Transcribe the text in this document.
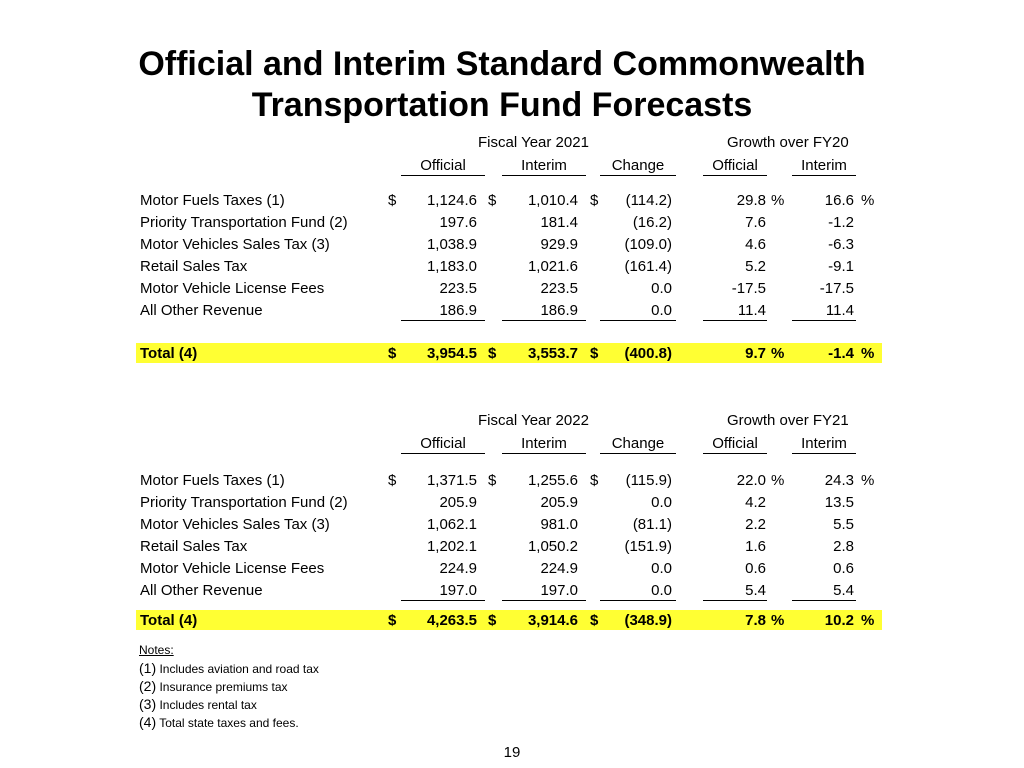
Official and Interim Standard Commonwealth
Transportation Fund Forecasts
Fiscal Year 2021	Growth over FY20
Official	Interim	Change	Official	Interim
Motor Fuels Taxes (1)	$	1,124.6 $	1,010.4 $	(114.2)	29.8 %	16.6 %
Priority Transportation Fund (2)	197.6	181.4	(16.2)	7.6	-1.2
Motor Vehicles Sales Tax (3)	1,038.9	929.9	(109.0)	4.6	-6.3
Retail Sales Tax	1,183.0	1,021.6	(161.4)	5.2	-9.1
Motor Vehicle License Fees	223.5	223.5	0.0	-17.5	-17.5
All Other Revenue	186.9	186.9	0.0	11.4	11.4
Total (4)	$	3,954.5 $	3,553.7 $	(400.8)	9.7 %	-1.4 %
Fiscal Year 2022	Growth over FY21
Official	Interim	Change	Official	Interim
Motor Fuels Taxes (1)	$	1,371.5 $	1,255.6 $	(115.9)	22.0 %	24.3 %
Priority Transportation Fund (2)	205.9	205.9	0.0	4.2	13.5
Motor Vehicles Sales Tax (3)	1,062.1	981.0	(81.1)	2.2	5.5
Retail Sales Tax	1,202.1	1,050.2	(151.9)	1.6	2.8
Motor Vehicle License Fees	224.9	224.9	0.0	0.6	0.6
All Other Revenue	197.0	197.0	0.0	5.4	5.4
Total (4)	$	4,263.5 $	3,914.6 $	(348.9)	7.8 %	10.2 %
Notes:
(1) Includes aviation and road tax
(2) Insurance premiums tax
(3) Includes rental tax
(4) Total state taxes and fees.
19
